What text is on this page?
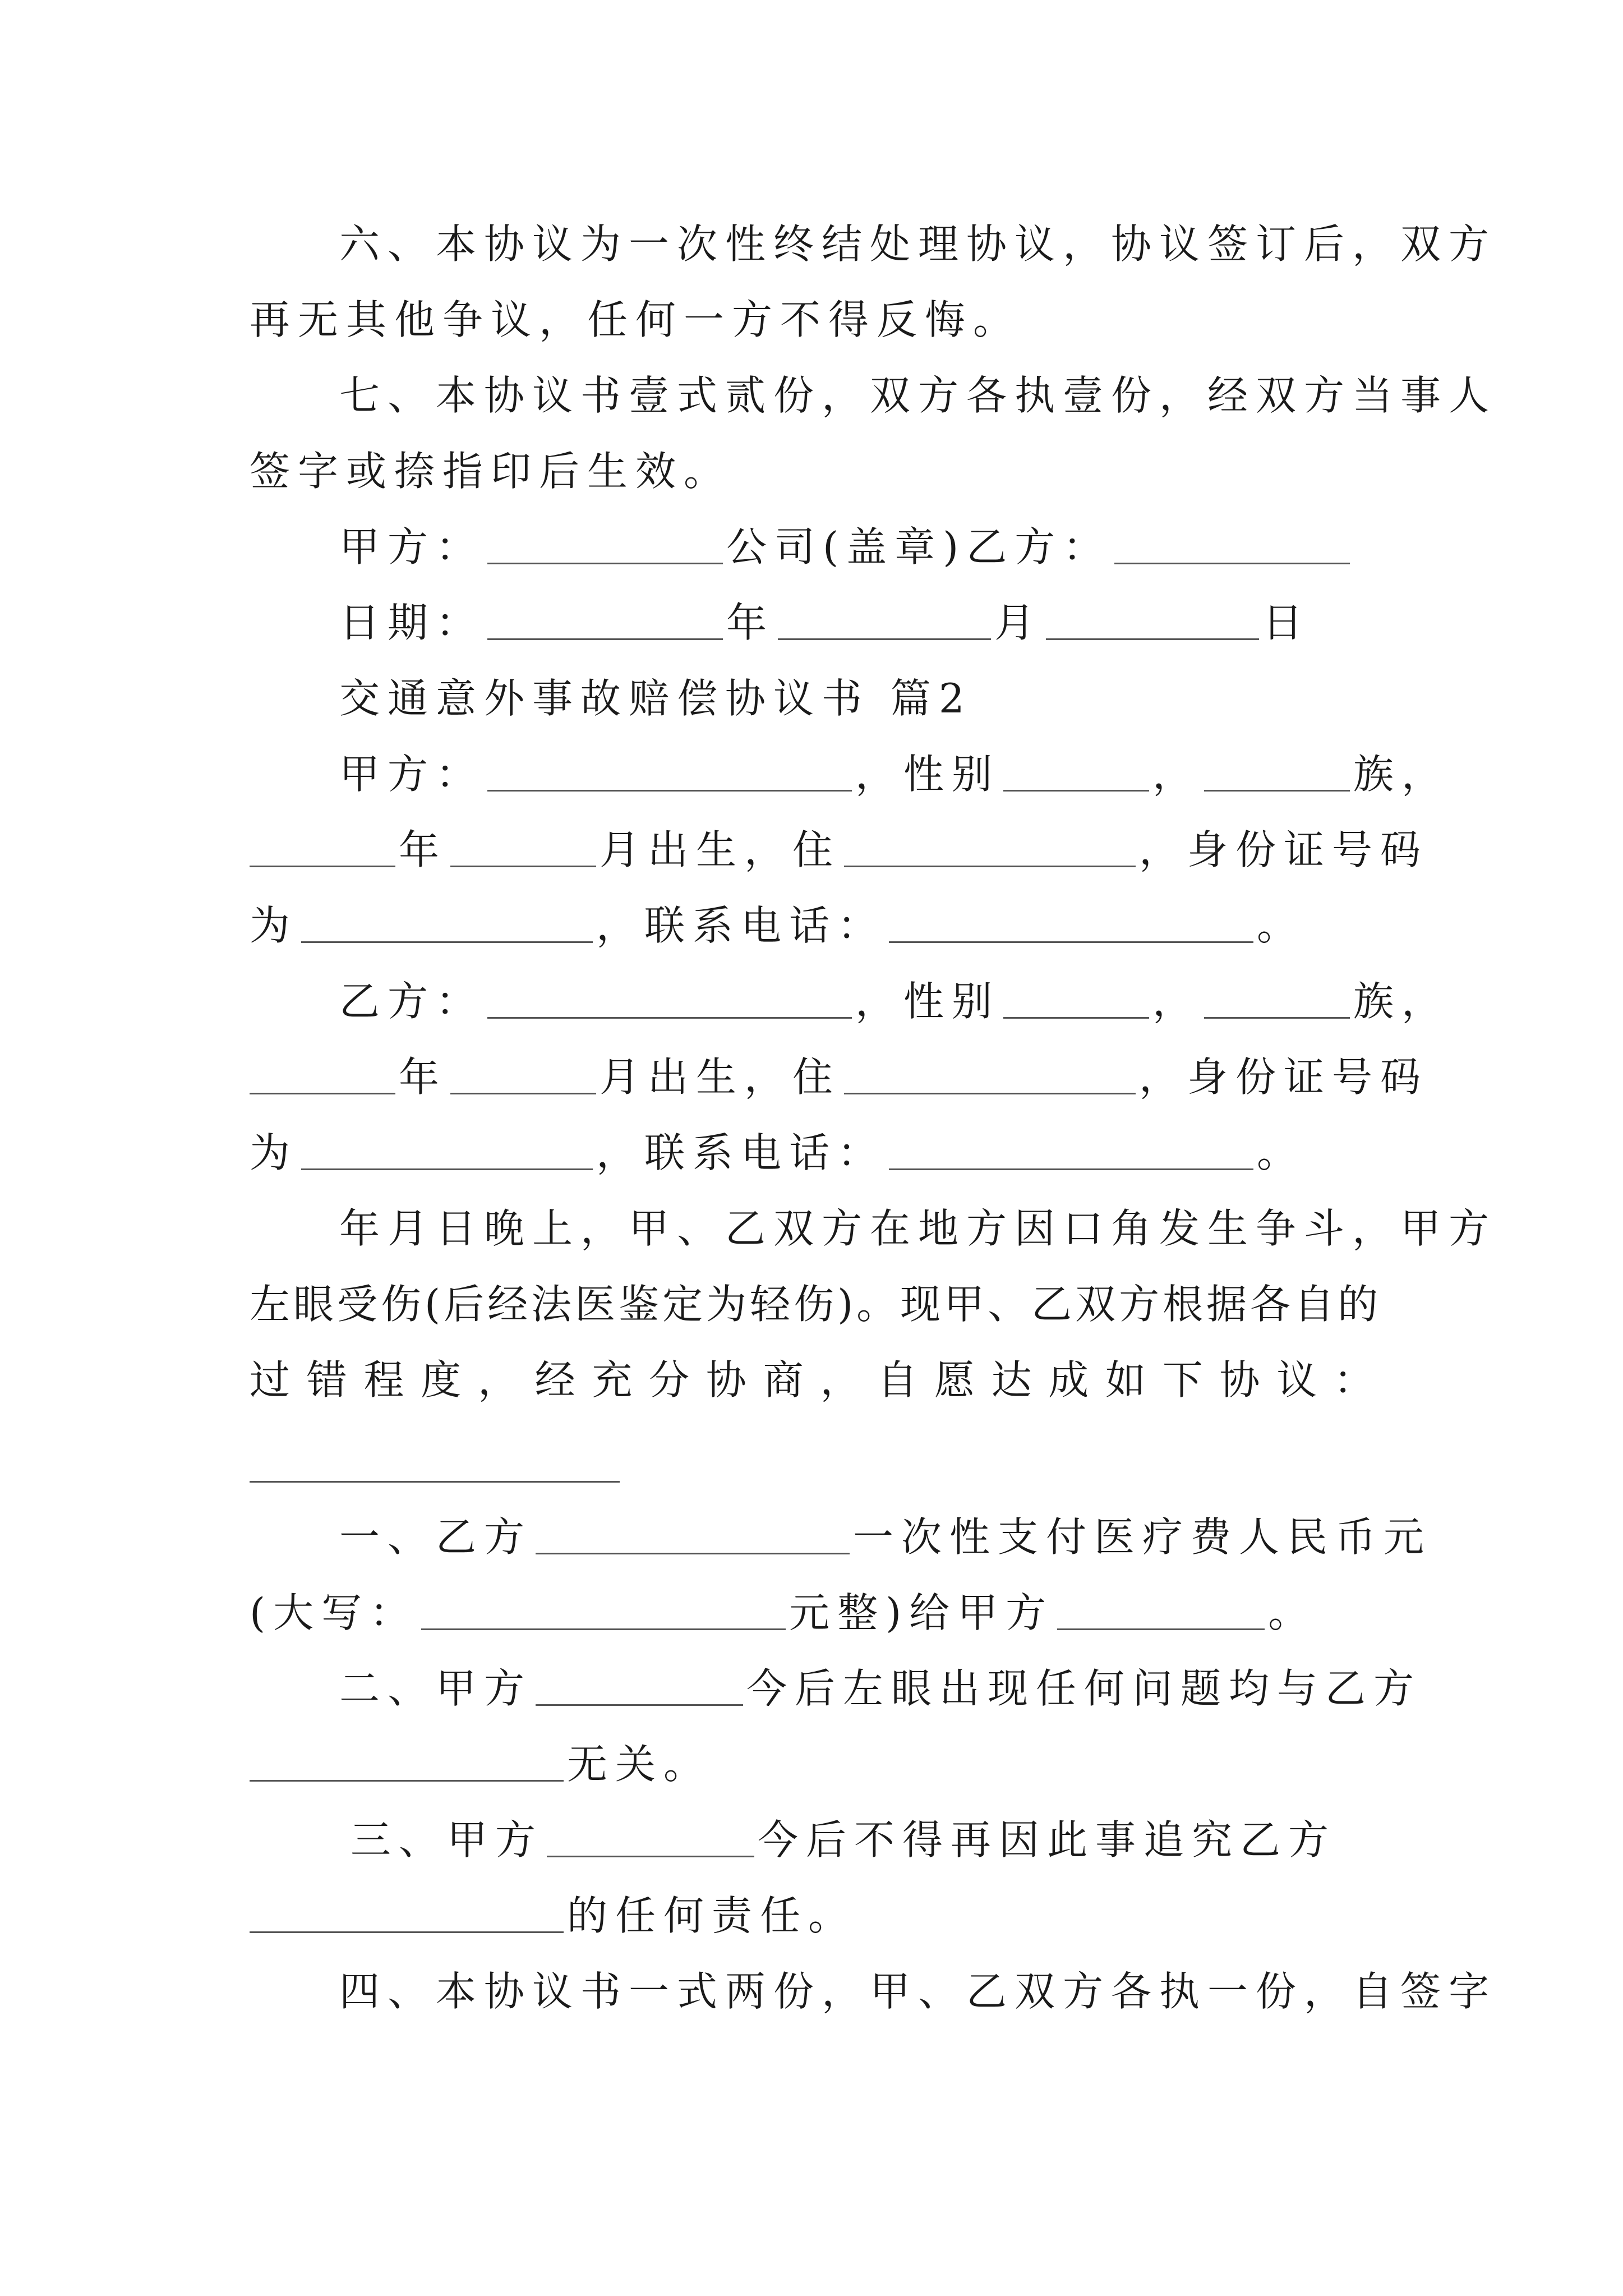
六、本协议为一次性终结处理协议，协议签订后，双方
再无其他争议，任何一方不得反悔。
七、本协议书壹式贰份，双方各执壹份，经双方当事人
签字或捺指印后生效。
甲方：	公司(盖章)乙方：
日期：	年	月	日
交通意外事故赔偿协议书 篇2
甲方：	，性别	，	族，
年	月出生，住	，身份证号码
为	，联系电话：	。
乙方：	，性别	，	族，
年	月出生，住	，身份证号码
为	，联系电话：	。
年月日晚上，甲、乙双方在地方因口角发生争斗，甲方
左眼受伤(后经法医鉴定为轻伤)。现甲、乙双方根据各自的
过错程度，经充分协商，自愿达成如下协议：
一、乙方	一次性支付医疗费人民币元
(大写：	元整)给甲方	。
二、甲方	今后左眼出现任何问题均与乙方
无关。
三、甲方	今后不得再因此事追究乙方
的任何责任。
四、本协议书一式两份，甲、乙双方各执一份，自签字
